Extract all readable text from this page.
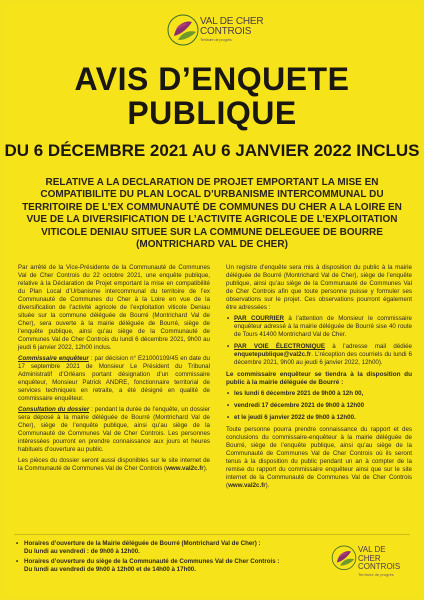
VAL DE CHER
CONTROIS
Territoire de progrès
AVIS D’ENQUETE
PUBLIQUE
DU 6 DÉCEMBRE 2021 AU 6 JANVIER 2022 INCLUS
RELATIVE A LA DECLARATION DE PROJET EMPORTANT LA MISE EN COMPATIBILITE DU PLAN LOCAL D’URBANISME INTERCOMMUNAL DU TERRITOIRE DE L’EX COMMUNAUTÉ DE COMMUNES DU CHER A LA LOIRE EN VUE DE LA DIVERSIFICATION DE L’ACTIVITE AGRICOLE DE L’EXPLOITATION VITICOLE DENIAU SITUEE SUR LA COMMUNE DELEGUEE DE BOURRE (MONTRICHARD VAL DE CHER)

Par arrêté de la Vice-Présidente de la Communauté de Communes Val de Cher Controis du 22 octobre 2021, une enquête publique, relative à la Déclaration de Projet emportant la mise en compatibilité du Plan Local d’Urbanisme intercommunal du territoire de l’ex Communauté de Communes du Cher à la Loire en vue de la diversification de l’activité agricole de l’exploitation viticole Deniau située sur la commune déléguée de Bourré (Montrichard Val de Cher), sera ouverte à la mairie déléguée de Bourré, siège de l’enquête publique, ainsi qu’au siège de la Communauté de Communes Val de Cher Controis du lundi 6 décembre 2021, 9h00 au jeudi 6 janvier 2022, 12h00 inclus.

Commissaire enquêteur : par décision n° E21000109/45 en date du 17 septembre 2021 de Monsieur Le Président du Tribunal Administratif d’Orléans portant désignation d’un commissaire enquêteur, Monsieur Patrick ANDRE, fonctionnaire territorial de services techniques en retraite, a été désigné en qualité de commissaire enquêteur.

Consultation du dossier : pendant la durée de l’enquête, un dossier sera déposé à la mairie déléguée de Bourré (Montrichard Val de Cher), siège de l’enquête publique, ainsi qu’au siège de la Communauté de Communes Val de Cher Controis. Les personnes intéressées pourront en prendre connaissance aux jours et heures habituels d’ouverture au public.

Les pièces du dossier seront aussi disponibles sur le site internet de la Communauté de Communes Val de Cher Controis (www.val2c.fr).

Un registre d’enquête sera mis à disposition du public à la mairie déléguée de Bourré (Montrichard Val de Cher), siège de l’enquête publique, ainsi qu’au siège de la Communauté de Communes Val de Cher Controis afin que toute personne puisse y formuler ses observations sur le projet. Ces observations pourront également être adressées :

• PAR COURRIER à l’attention de Monsieur le commissaire enquêteur adressé à la mairie déléguée de Bourré sise 40 route de Tours 41400 Montrichard Val de Cher.
• PAR VOIE ÉLECTRONIQUE à l’adresse mail dédiée enquetepublique@val2c.fr. L’réception des courriels du lundi 6 décembre 2021, 9h00 au jeudi 6 janvier 2022, 12h00).

Le commissaire enquêteur se tiendra à la disposition du public à la mairie déléguée de Bourré :

• les lundi 6 décembre 2021 de 9h00 à 12h 00,
• vendredi 17 décembre 2021 de 9h00 à 12h00
• et le jeudi 6 janvier 2022 de 9h00 à 12h00.

Toute personne pourra prendre connaissance du rapport et des conclusions du commissaire-enquêteur à la mairie déléguée de Bourré, siège de l’enquête publique, ainsi qu’au siège de la Communauté de Communes Val de Cher Controis où ils seront tenus à la disposition du public pendant un an à compter de la remise du rapport du commissaire enquêteur ainsi que sur le site internet de la Communauté de Communes Val de Cher Controis (www.val2c.fr).

• Horaires d’ouverture de la Mairie déléguée de Bourré (Montrichard Val de Cher) :
Du lundi au vendredi : de 9h00 à 12h00.
• Horaires d’ouverture du siège de la Communauté de Communes Val de Cher Controis :
Du lundi au vendredi de 9h00 à 12h00 et de 14h00 à 17h00.
VAL DE CHER
CONTROIS
Territoire de progrès
